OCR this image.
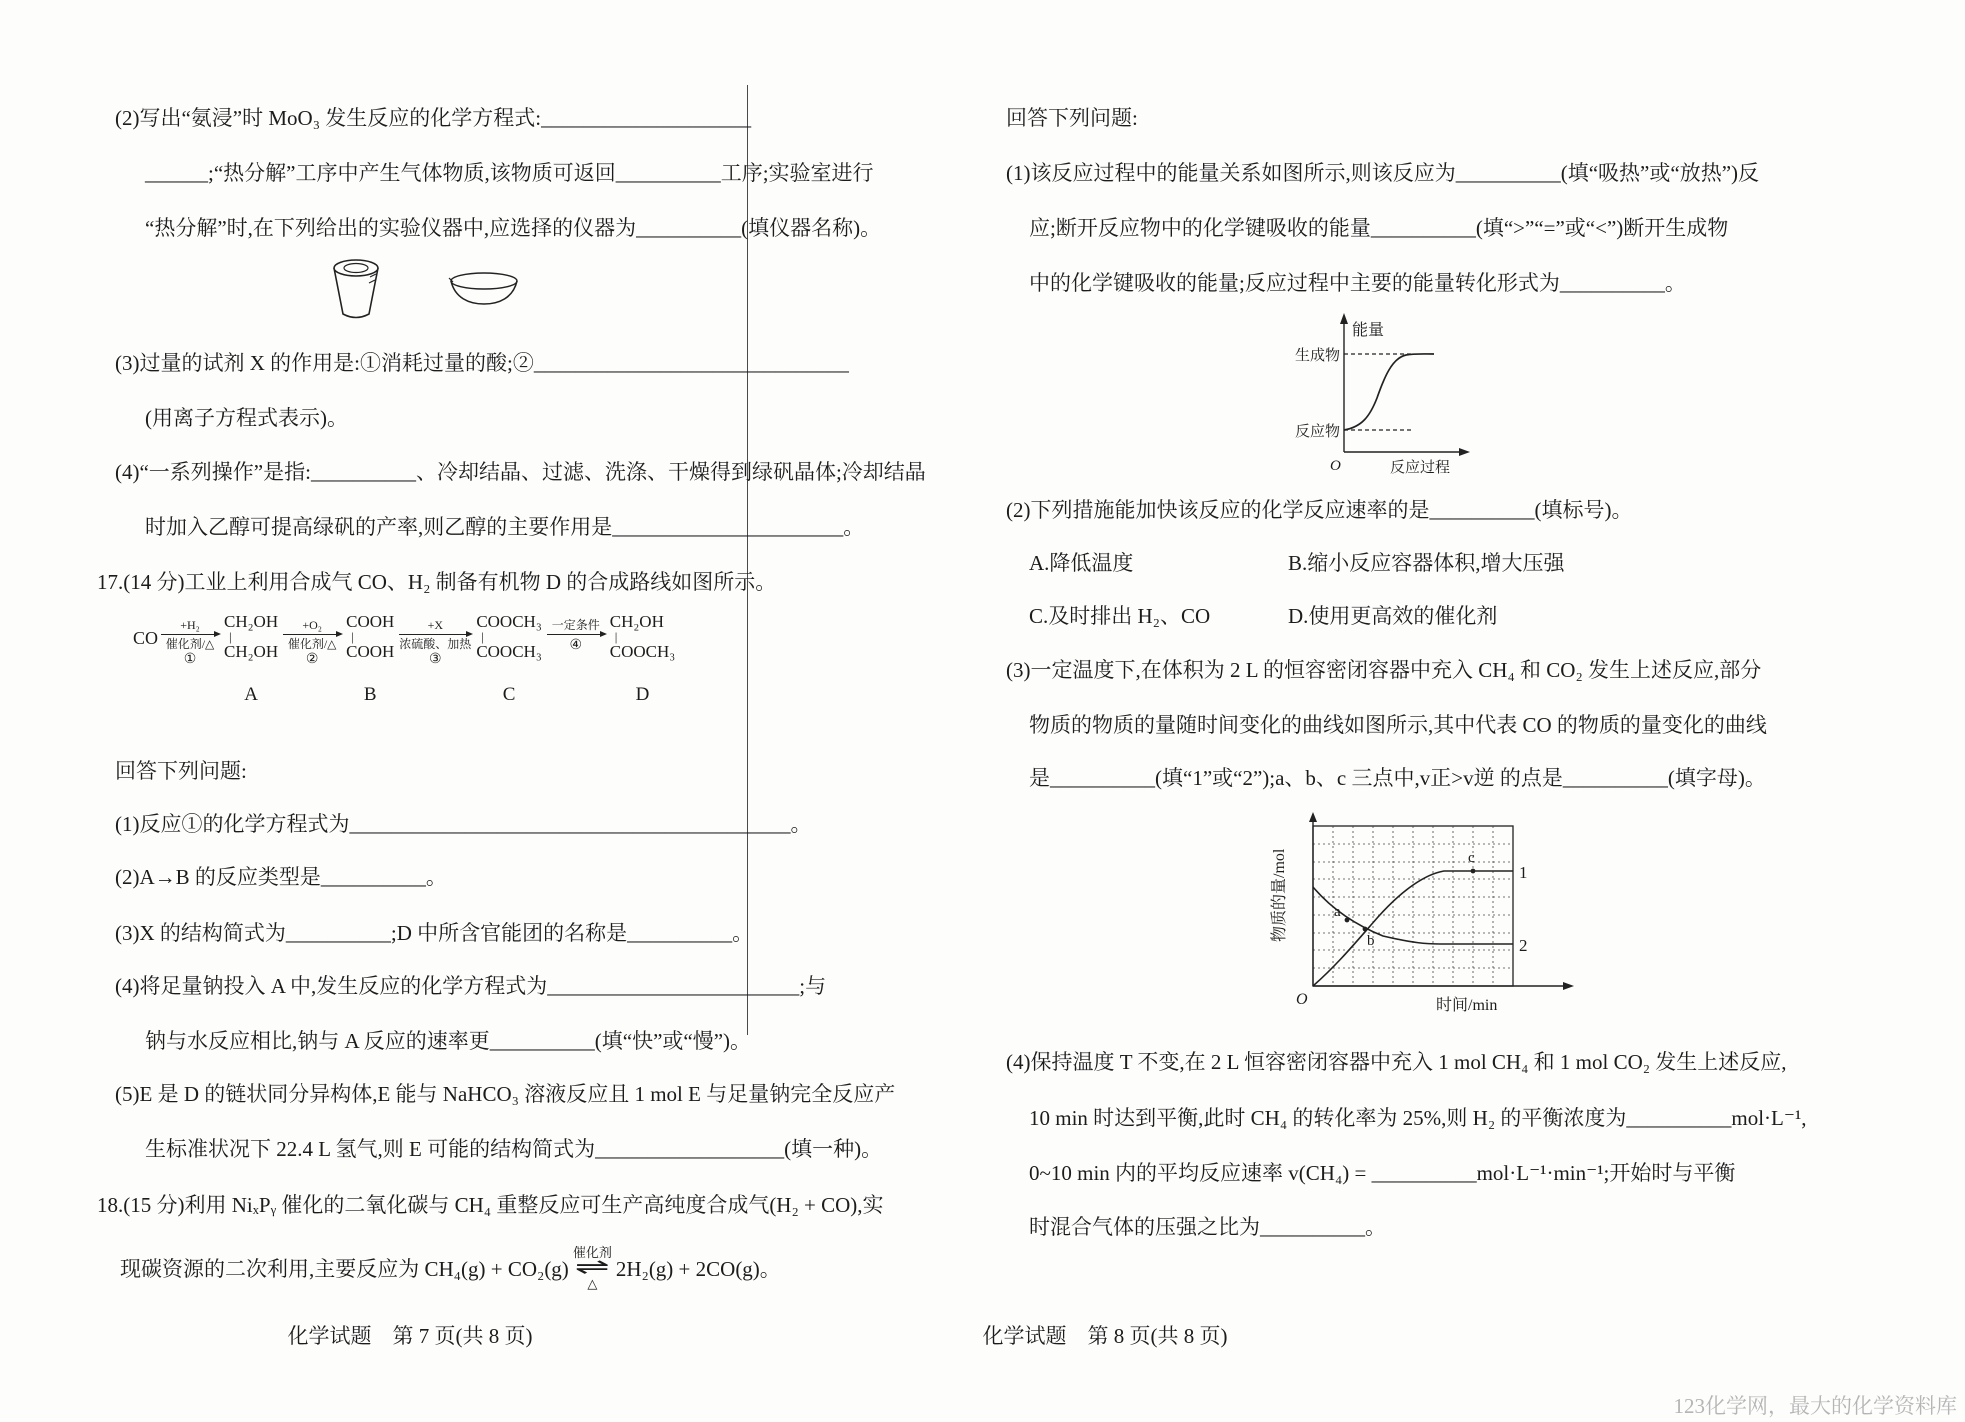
(2)写出“氨浸”时 MoO₃ 发生反应的化学方程式:____________________
______;“热分解”工序中产生气体物质,该物质可返回__________工序;实验室进行
“热分解”时,在下列给出的实验仪器中,应选择的仪器为__________(填仪器名称)。
(3)过量的试剂 X 的作用是:①消耗过量的酸;②______________________________
(用离子方程式表示)。
(4)“一系列操作”是指:__________、冷却结晶、过滤、洗涤、干燥得到绿矾晶体;冷却结晶
时加入乙醇可提高绿矾的产率,则乙醇的主要作用是______________________。
17.(14 分)工业上利用合成气 CO、H₂ 制备有机物 D 的合成路线如图所示。
CO
+H₂
催化剂/△
①
CH₂OH
|
CH₂OH
A
+O₂
催化剂/△
②
COOH
|
COOH
B
+X
浓硫酸、加热
③
COOCH₃
|
COOCH₃
C
一定条件
④
CH₂OH
|
COOCH₃
D
回答下列问题:
(1)反应①的化学方程式为__________________________________________。
(2)A→B 的反应类型是__________。
(3)X 的结构简式为__________;D 中所含官能团的名称是__________。
(4)将足量钠投入 A 中,发生反应的化学方程式为________________________;与
钠与水反应相比,钠与 A 反应的速率更__________(填“快”或“慢”)。
(5)E 是 D 的链状同分异构体,E 能与 NaHCO₃ 溶液反应且 1 mol E 与足量钠完全反应产
生标准状况下 22.4 L 氢气,则 E 可能的结构简式为__________________(填一种)。
18.(15 分)利用 NiₓPᵧ 催化的二氧化碳与 CH₄ 重整反应可生产高纯度合成气(H₂ + CO),实
现碳资源的二次利用,主要反应为 CH₄(g) + CO₂(g)
催化剂
⇌
△
2H₂(g) + 2CO(g)。
化学试题　第 7 页(共 8 页)
回答下列问题:
(1)该反应过程中的能量关系如图所示,则该反应为__________(填“吸热”或“放热”)反
应;断开反应物中的化学键吸收的能量__________(填“>”“=”或“<”)断开生成物
中的化学键吸收的能量;反应过程中主要的能量转化形式为__________。
能量
生成物
反应物
O	反应过程
(2)下列措施能加快该反应的化学反应速率的是__________(填标号)。
A.降低温度	B.缩小反应容器体积,增大压强
C.及时排出 H₂、CO	D.使用更高效的催化剂
(3)一定温度下,在体积为 2 L 的恒容密闭容器中充入 CH₄ 和 CO₂ 发生上述反应,部分
物质的物质的量随时间变化的曲线如图所示,其中代表 CO 的物质的量变化的曲线
是__________(填“1”或“2”);a、b、c 三点中,v正>v逆 的点是__________(填字母)。
a
b
c
1
2
O	时间/min
物质的量/mol
(4)保持温度 T 不变,在 2 L 恒容密闭容器中充入 1 mol CH₄ 和 1 mol CO₂ 发生上述反应,
10 min 时达到平衡,此时 CH₄ 的转化率为 25%,则 H₂ 的平衡浓度为__________mol·L⁻¹,
0~10 min 内的平均反应速率 v(CH₄) = __________mol·L⁻¹·min⁻¹;开始时与平衡
时混合气体的压强之比为__________。
化学试题　第 8 页(共 8 页)
123化学网，最大的化学资料库
